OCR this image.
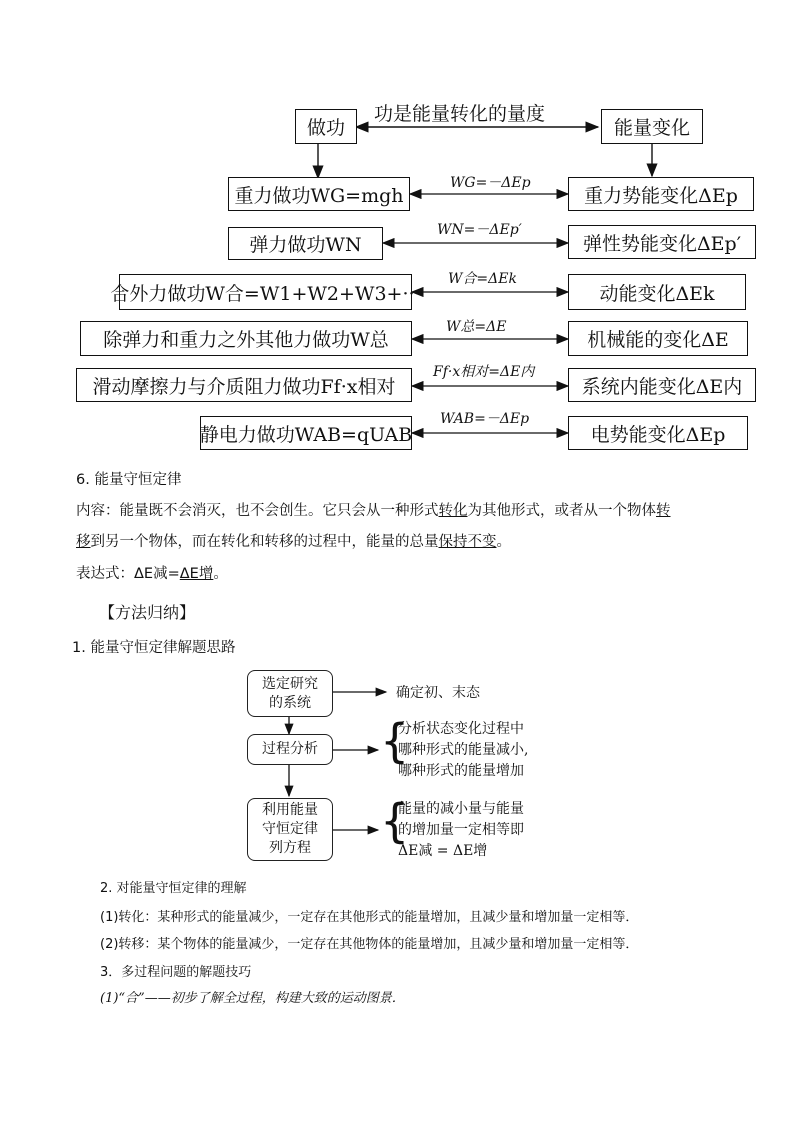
做功
功是能量转化的量度
能量变化
重力做功WG=mgh
WG=－ΔEp
重力势能变化ΔEp
弹力做功WN
WN=－ΔEp′
弹性势能变化ΔEp′
合外力做功W合=W1+W2+W3+···
W合=ΔEk
动能变化ΔEk
除弹力和重力之外其他力做功W总
W总=ΔE
机械能的变化ΔE
滑动摩擦力与介质阻力做功Ff·x相对
Ff·x相对=ΔE内
系统内能变化ΔE内
静电力做功WAB=qUAB
WAB=－ΔEp
电势能变化ΔEp
6. 能量守恒定律
内容：能量既不会消灭，也不会创生。它只会从一种形式转化为其他形式，或者从一个物体转
移到另一个物体，而在转化和转移的过程中，能量的总量保持不变。
表达式：ΔE减=ΔE增。
【方法归纳】
1. 能量守恒定律解题思路
选定研究
的系统
过程分析
利用能量
守恒定律
列方程
确定初、末态
{
分析状态变化过程中
哪种形式的能量减小,
哪种形式的能量增加
{
能量的减小量与能量
的增加量一定相等即
ΔE减 = ΔE增
2. 对能量守恒定律的理解
(1)转化：某种形式的能量减少，一定存在其他形式的能量增加，且减少量和增加量一定相等．
(2)转移：某个物体的能量减少，一定存在其他物体的能量增加，且减少量和增加量一定相等．
3．多过程问题的解题技巧
(1)“合”——初步了解全过程，构建大致的运动图景．
